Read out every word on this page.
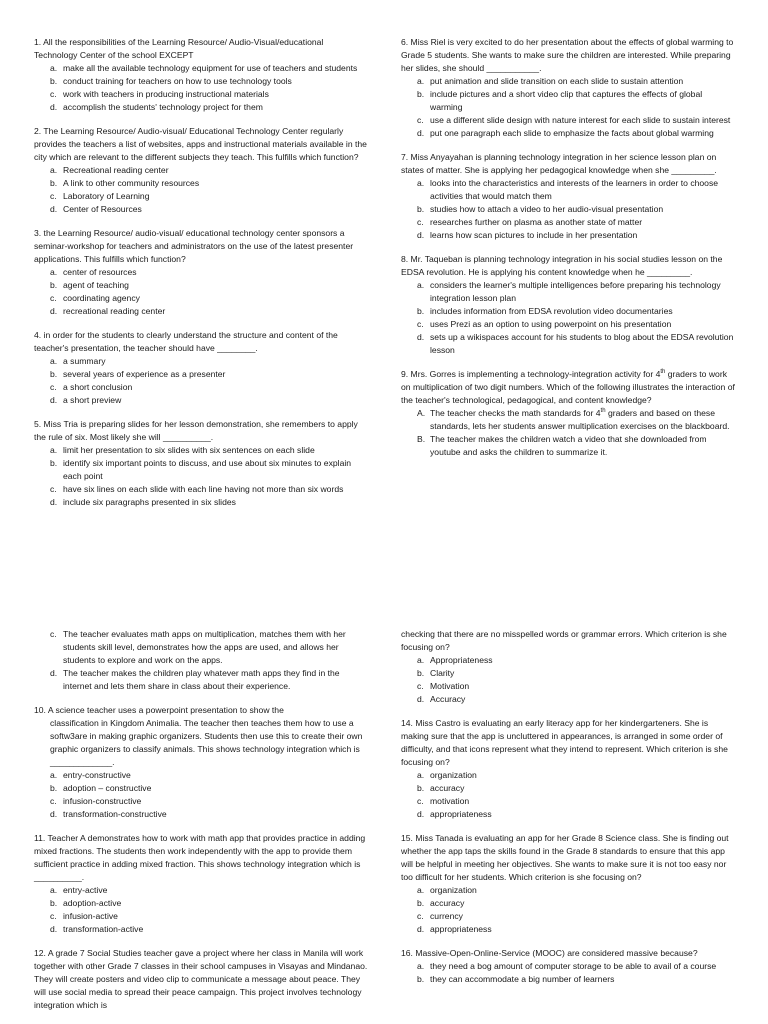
1. All the responsibilities of the Learning Resource/ Audio-Visual/educational Technology Center of the school EXCEPT

a. make all the available technology equipment for use of teachers and students
b. conduct training for teachers on how to use technology tools
c. work with teachers in producing instructional materials
d. accomplish the students' technology project for them

2. The Learning Resource/ Audio-visual/ Educational Technology Center regularly provides the teachers a list of websites, apps and instructional materials available in the city which are relevant to the different subjects they teach. This fulfills which function?

a. Recreational reading center
b. A link to other community resources
c. Laboratory of Learning
d. Center of Resources

3. the Learning Resource/ audio-visual/ educational technology center sponsors a seminar-workshop for teachers and administrators on the use of the latest presenter applications. This fulfills which function?

a. center of resources
b. agent of teaching
c. coordinating agency
d. recreational reading center

4. in order for the students to clearly understand the structure and content of the teacher's presentation, the teacher should have ________.

a. a summary
b. several years of experience as a presenter
c. a short conclusion
d. a short preview

5. Miss Tria is preparing slides for her lesson demonstration, she remembers to apply the rule of six. Most likely she will __________.

a. limit her presentation to six slides with six sentences on each slide
b. identify six important points to discuss, and use about six minutes to explain each point
c. have six lines on each slide with each line having not more than six words
d. include six paragraphs presented in six slides

6. Miss Riel is very excited to do her presentation about the effects of global warming to Grade 5 students. She wants to make sure the children are interested. While preparing her slides, she should ___________.

a. put animation and slide transition on each slide to sustain attention
b. include pictures and a short video clip that captures the effects of global warming
c. use a different slide design with nature interest for each slide to sustain interest
d. put one paragraph each slide to emphasize the facts about global warming

7. Miss Anyayahan is planning technology integration in her science lesson plan on states of matter. She is applying her pedagogical knowledge when she _________.

a. looks into the characteristics and interests of the learners in order to choose activities that would match them
b. studies how to attach a video to her audio-visual presentation
c. researches further on plasma as another state of matter
d. learns how scan pictures to include in her presentation

8. Mr. Taqueban is planning technology integration in his social studies lesson on the EDSA revolution. He is applying his content knowledge when he _________.

a. considers the learner's multiple intelligences before preparing his technology integration lesson plan
b. includes information from EDSA revolution video documentaries
c. uses Prezi as an option to using powerpoint on his presentation
d. sets up a wikispaces account for his students to blog about the EDSA revolution lesson

9. Mrs. Gorres is implementing a technology-integration activity for 4th graders to work on multiplication of two digit numbers. Which of the following illustrates the interaction of the teacher's technological, pedagogical, and content knowledge?

A. The teacher checks the math standards for 4th graders and based on these standards, lets her students answer multiplication exercises on the blackboard.
B. The teacher makes the children watch a video that she downloaded from youtube and asks the children to summarize it.
c. The teacher evaluates math apps on multiplication, matches them with her students skill level, demonstrates how the apps are used, and allows her students to explore and work on the apps.
d. The teacher makes the children play whatever math apps they find in the internet and lets them share in class about their experience.

10. A science teacher uses a powerpoint presentation to show the

classification in Kingdom Animalia. The teacher then teaches them how to use a softw3are in making graphic organizers. Students then use this to create their own graphic organizers to classify animals. This shows technology integration which is _____________.

a. entry-constructive
b. adoption – constructive
c. infusion-constructive
d. transformation-constructive

11. Teacher A demonstrates how to work with math app that provides practice in adding mixed fractions. The students then work independently with the app to provide them sufficient practice in adding mixed fraction. This shows technology integration which is __________.

a. entry-active
b. adoption-active
c. infusion-active
d. transformation-active

12. A grade 7 Social Studies teacher gave a project where her class in Manila will work together with other Grade 7 classes in their school campuses in Visayas and Mindanao. They will create posters and video clip to communicate a message about peace. They will use social media to spread their peace campaign. This project involves technology integration which is

checking that there are no misspelled words or grammar errors. Which criterion is she focusing on?

a. Appropriateness
b. Clarity
c. Motivation
d. Accuracy

14. Miss Castro is evaluating an early literacy app for her kindergarteners. She is making sure that the app is uncluttered in appearances, is arranged in some order of difficulty, and that icons represent what they intend to represent. Which criterion is she focusing on?

a. organization
b. accuracy
c. motivation
d. appropriateness

15. Miss Tanada is evaluating an app for her Grade 8 Science class. She is finding out whether the app taps the skills found in the Grade 8 standards to ensure that this app will be helpful in meeting her objectives. She wants to make sure it is not too easy nor too difficult for her students. Which criterion is she focusing on?

a. organization
b. accuracy
c. currency
d. appropriateness

16. Massive-Open-Online-Service (MOOC) are considered massive because?

a. they need a bog amount of computer storage to be able to avail of a course
b. they can accommodate a big number of learners
